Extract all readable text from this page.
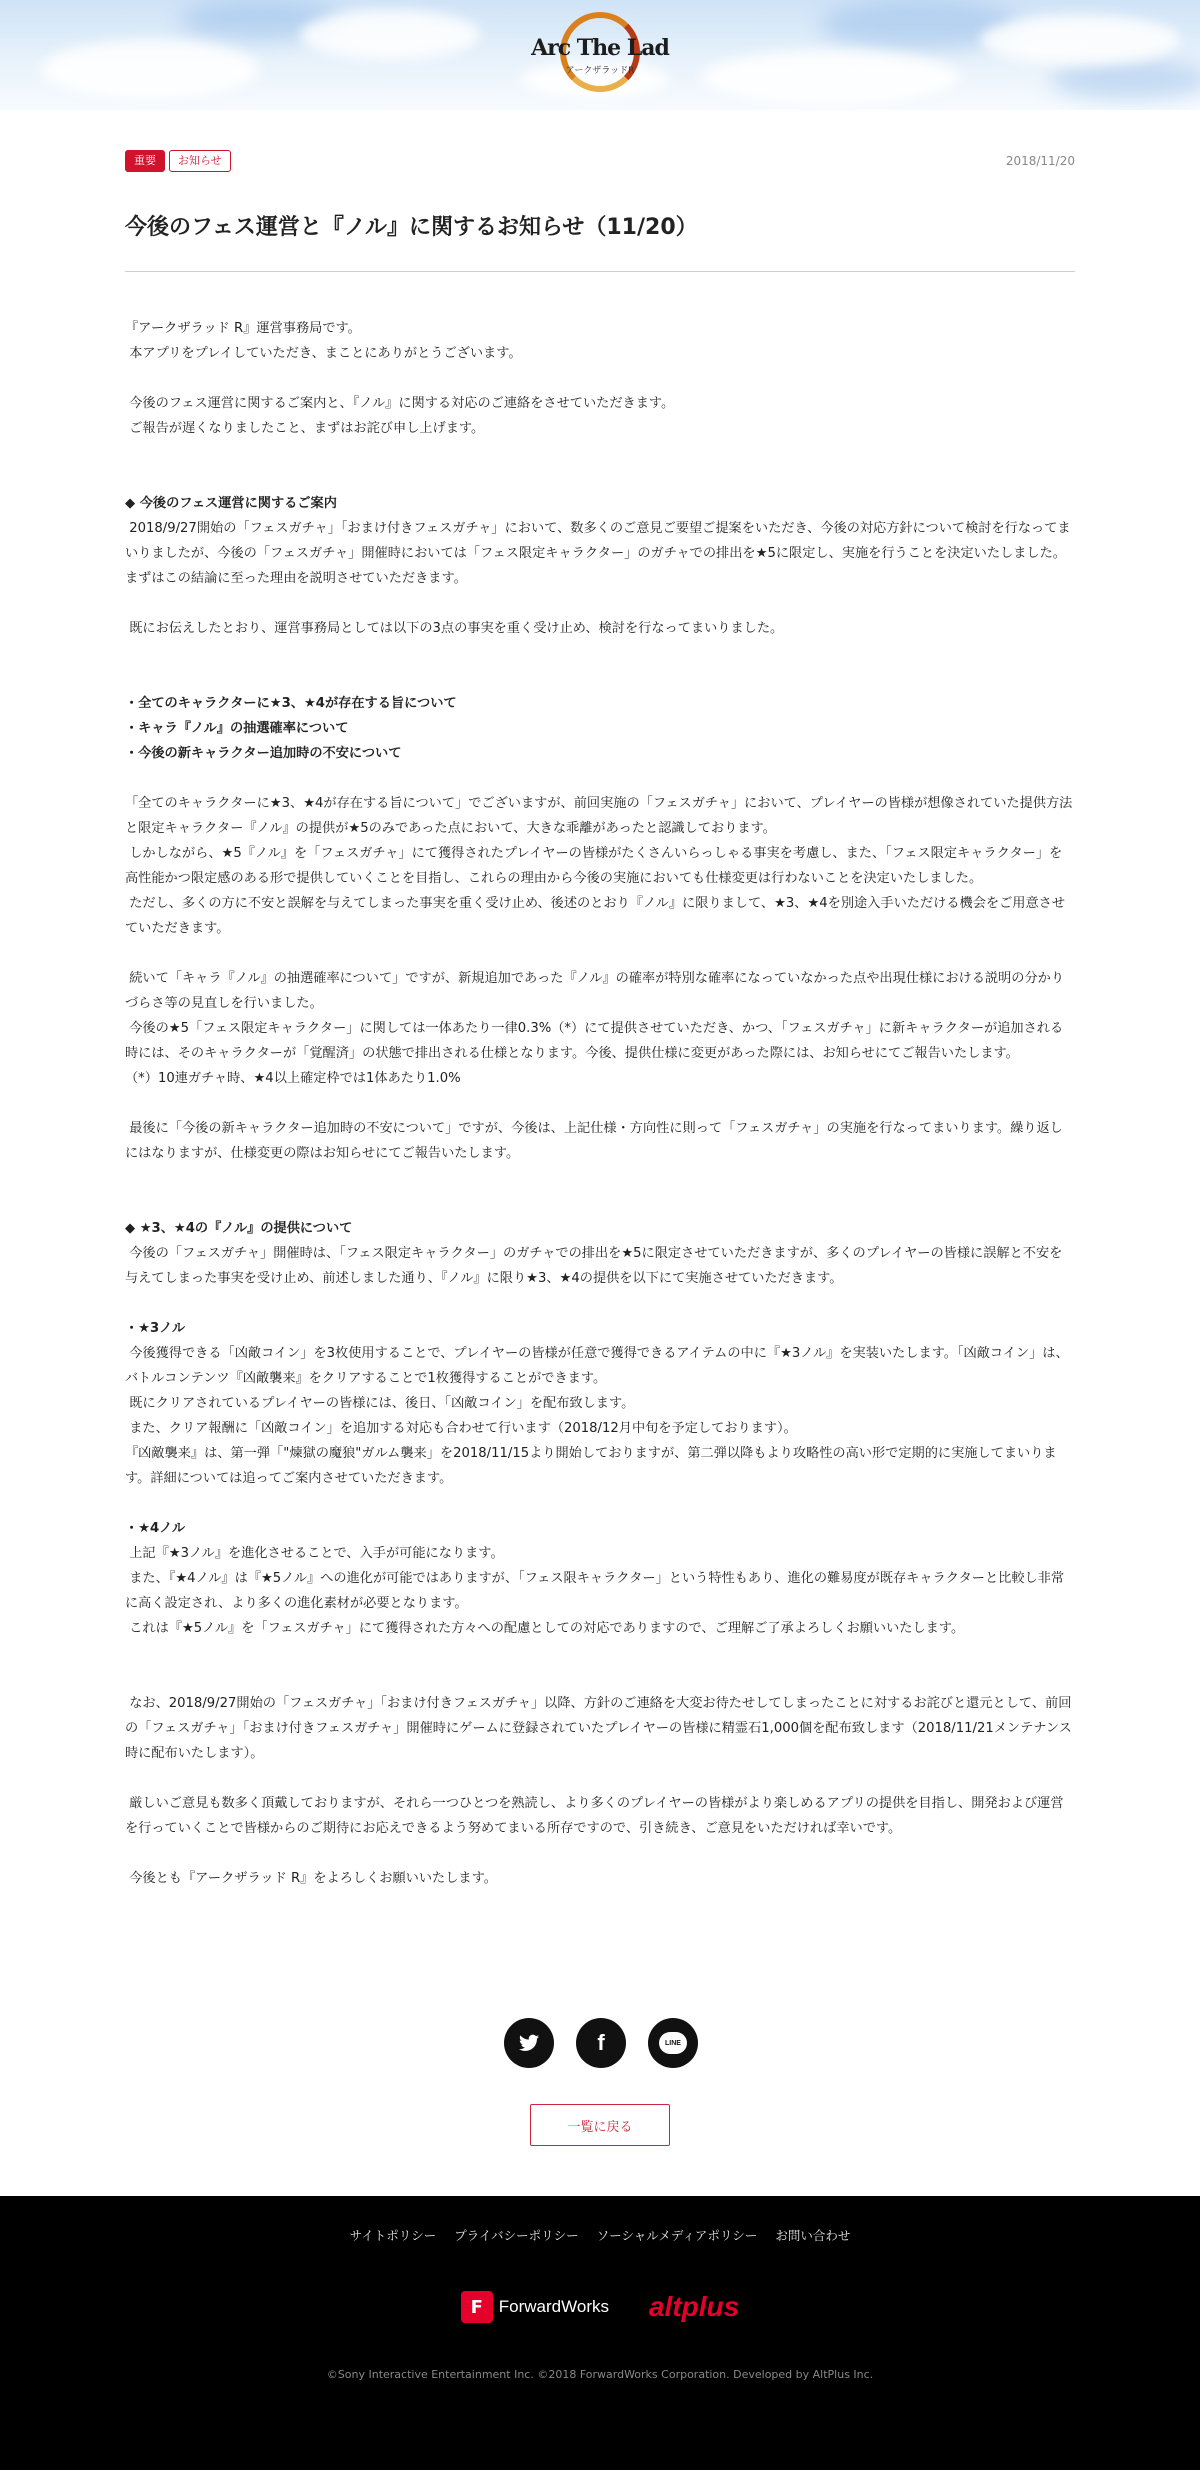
Arc The Lad
アークザラッドR
重要	お知らせ	2018/11/20
今後のフェス運営と『ノル』に関するお知らせ（11/20）

『アークザラッド R』運営事務局です。

本アプリをプレイしていただき、まことにありがとうございます。

今後のフェス運営に関するご案内と、『ノル』に関する対応のご連絡をさせていただきます。

ご報告が遅くなりましたこと、まずはお詫び申し上げます。

◆ 今後のフェス運営に関するご案内

2018/9/27開始の「フェスガチャ」「おまけ付きフェスガチャ」において、数多くのご意見ご要望ご提案をいただき、今後の対応方針について検討を行なってまいりましたが、今後の「フェスガチャ」開催時においては「フェス限定キャラクター」のガチャでの排出を★5に限定し、実施を行うことを決定いたしました。まずはこの結論に至った理由を説明させていただきます。

既にお伝えしたとおり、運営事務局としては以下の3点の事実を重く受け止め、検討を行なってまいりました。

・全てのキャラクターに★3、★4が存在する旨について

・キャラ『ノル』の抽選確率について

・今後の新キャラクター追加時の不安について

「全てのキャラクターに★3、★4が存在する旨について」でございますが、前回実施の「フェスガチャ」において、プレイヤーの皆様が想像されていた提供方法と限定キャラクター『ノル』の提供が★5のみであった点において、大きな乖離があったと認識しております。

しかしながら、★5『ノル』を「フェスガチャ」にて獲得されたプレイヤーの皆様がたくさんいらっしゃる事実を考慮し、また、「フェス限定キャラクター」を高性能かつ限定感のある形で提供していくことを目指し、これらの理由から今後の実施においても仕様変更は行わないことを決定いたしました。

ただし、多くの方に不安と誤解を与えてしまった事実を重く受け止め、後述のとおり『ノル』に限りまして、★3、★4を別途入手いただける機会をご用意させていただきます。

続いて「キャラ『ノル』の抽選確率について」ですが、新規追加であった『ノル』の確率が特別な確率になっていなかった点や出現仕様における説明の分かりづらさ等の見直しを行いました。

今後の★5「フェス限定キャラクター」に関しては一体あたり一律0.3%（*）にて提供させていただき、かつ、「フェスガチャ」に新キャラクターが追加される時には、そのキャラクターが「覚醒済」の状態で排出される仕様となります。今後、提供仕様に変更があった際には、お知らせにてご報告いたします。

（*）10連ガチャ時、★4以上確定枠では1体あたり1.0%

最後に「今後の新キャラクター追加時の不安について」ですが、今後は、上記仕様・方向性に則って「フェスガチャ」の実施を行なってまいります。繰り返しにはなりますが、仕様変更の際はお知らせにてご報告いたします。

◆ ★3、★4の『ノル』の提供について

今後の「フェスガチャ」開催時は、「フェス限定キャラクター」のガチャでの排出を★5に限定させていただきますが、多くのプレイヤーの皆様に誤解と不安を与えてしまった事実を受け止め、前述しました通り、『ノル』に限り★3、★4の提供を以下にて実施させていただきます。

・★3ノル

今後獲得できる「凶敵コイン」を3枚使用することで、プレイヤーの皆様が任意で獲得できるアイテムの中に『★3ノル』を実装いたします。「凶敵コイン」は、バトルコンテンツ『凶敵襲来』をクリアすることで1枚獲得することができます。

既にクリアされているプレイヤーの皆様には、後日、「凶敵コイン」を配布致します。

また、クリア報酬に「凶敵コイン」を追加する対応も合わせて行います（2018/12月中旬を予定しております）。

『凶敵襲来』は、第一弾「"煉獄の魔狼"ガルム襲来」を2018/11/15より開始しておりますが、第二弾以降もより攻略性の高い形で定期的に実施してまいります。詳細については追ってご案内させていただきます。

・★4ノル

上記『★3ノル』を進化させることで、入手が可能になります。

また、『★4ノル』は『★5ノル』への進化が可能ではありますが、「フェス限キャラクター」という特性もあり、進化の難易度が既存キャラクターと比較し非常に高く設定され、より多くの進化素材が必要となります。

これは『★5ノル』を「フェスガチャ」にて獲得された方々への配慮としての対応でありますので、ご理解ご了承よろしくお願いいたします。

なお、2018/9/27開始の「フェスガチャ」「おまけ付きフェスガチャ」以降、方針のご連絡を大変お待たせしてしまったことに対するお詫びと還元として、前回の「フェスガチャ」「おまけ付きフェスガチャ」開催時にゲームに登録されていたプレイヤーの皆様に精霊石1,000個を配布致します（2018/11/21メンテナンス時に配布いたします）。

厳しいご意見も数多く頂戴しておりますが、それら一つひとつを熟読し、より多くのプレイヤーの皆様がより楽しめるアプリの提供を目指し、開発および運営を行っていくことで皆様からのご期待にお応えできるよう努めてまいる所存ですので、引き続き、ご意見をいただければ幸いです。

今後とも『アークザラッド R』をよろしくお願いいたします。

f	LINE
一覧に戻る
サイトポリシー プライバシーポリシー ソーシャルメディアポリシー お問い合わせ
F ForwardWorks altplus
©Sony Interactive Entertainment Inc. ©2018 ForwardWorks Corporation. Developed by AltPlus Inc.
